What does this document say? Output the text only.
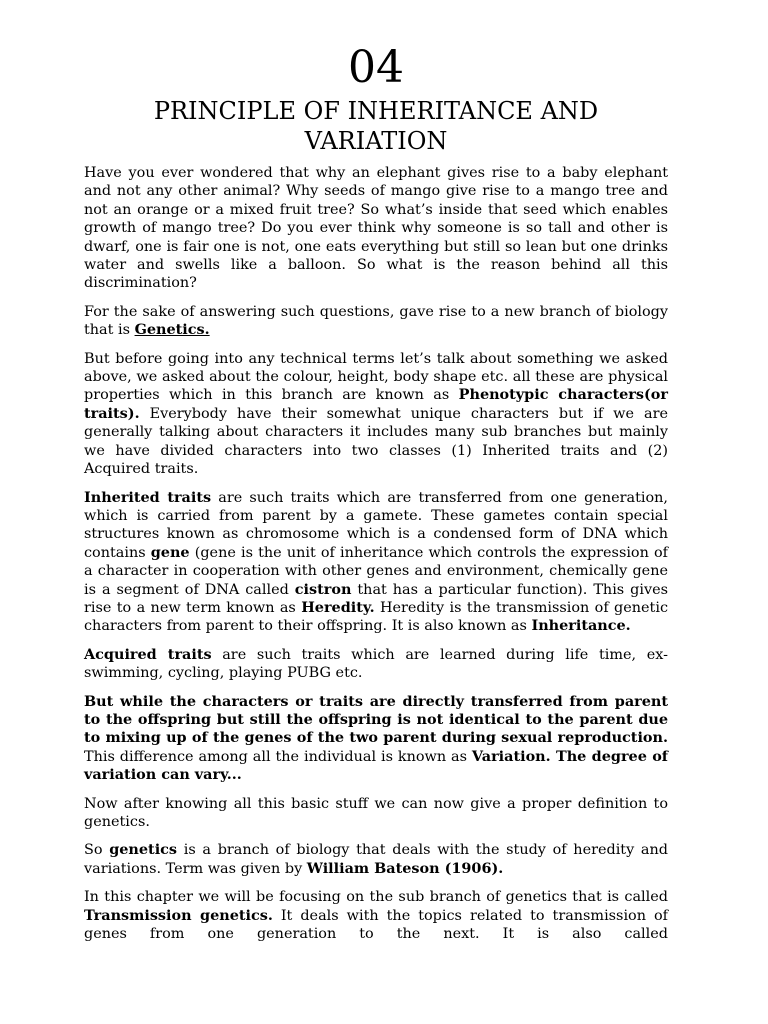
04
PRINCIPLE OF INHERITANCE AND VARIATION

Have you ever wondered that why an elephant gives rise to a baby elephant and not any other animal? Why seeds of mango give rise to a mango tree and not an orange or a mixed fruit tree? So what’s inside that seed which enables growth of mango tree? Do you ever think why someone is so tall and other is dwarf, one is fair one is not, one eats everything but still so lean but one drinks water and swells like a balloon. So what is the reason behind all this discrimination?

For the sake of answering such questions, gave rise to a new branch of biology that is Genetics.

But before going into any technical terms let’s talk about something we asked above, we asked about the colour, height, body shape etc. all these are physical properties which in this branch are known as Phenotypic characters(or traits). Everybody have their somewhat unique characters but if we are generally talking about characters it includes many sub branches but mainly we have divided characters into two classes (1) Inherited traits and (2) Acquired traits.

Inherited traits are such traits which are transferred from one generation, which is carried from parent by a gamete. These gametes contain special structures known as chromosome which is a condensed form of DNA which contains gene (gene is the unit of inheritance which controls the expression of a character in cooperation with other genes and environment, chemically gene is a segment of DNA called cistron that has a particular function). This gives rise to a new term known as Heredity. Heredity is the transmission of genetic characters from parent to their offspring. It is also known as Inheritance.

Acquired traits are such traits which are learned during life time, ex- swimming, cycling, playing PUBG etc.

But while the characters or traits are directly transferred from parent to the offspring but still the offspring is not identical to the parent due to mixing up of the genes of the two parent during sexual reproduction. This difference among all the individual is known as Variation. The degree of variation can vary...

Now after knowing all this basic stuff we can now give a proper definition to genetics.

So genetics is a branch of biology that deals with the study of heredity and variations. Term was given by William Bateson (1906).

In this chapter we will be focusing on the sub branch of genetics that is called Transmission genetics. It deals with the topics related to transmission of genes from one generation to the next. It is also called
